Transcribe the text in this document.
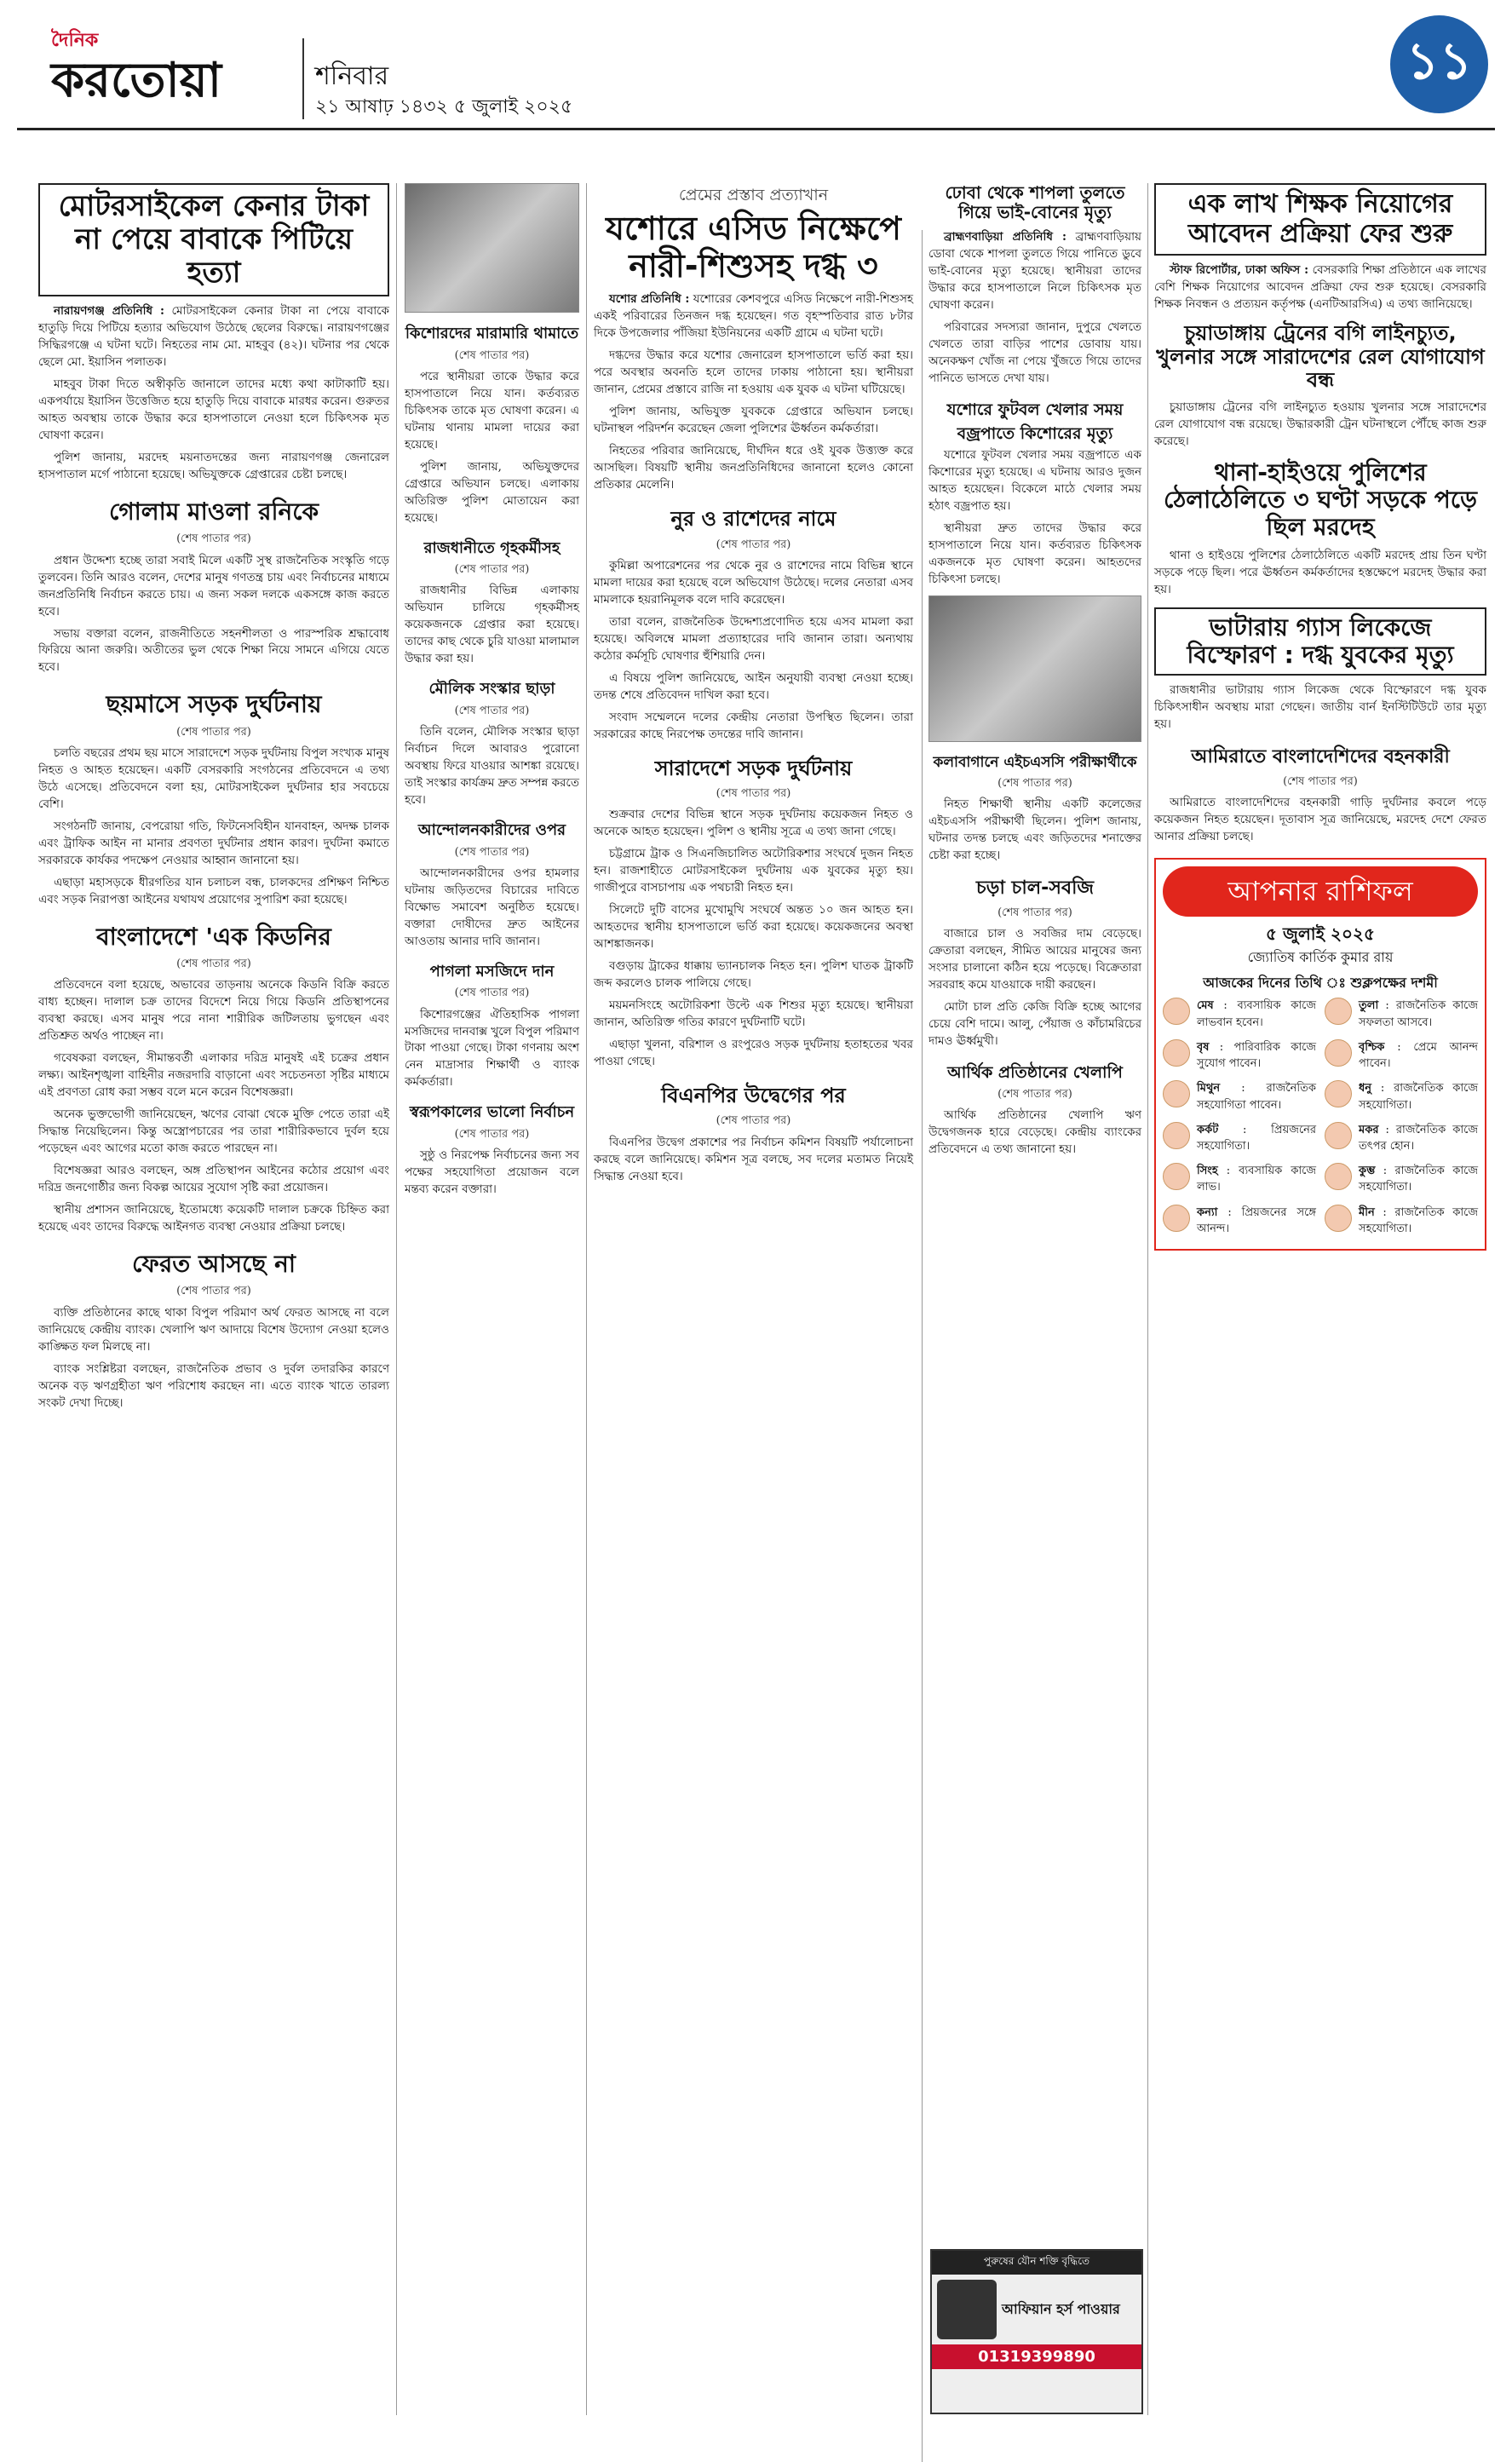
দৈনিক
করতোয়া	শনিবার
২১ আষাঢ় ১৪৩২ ৫ জুলাই ২০২৫
১১
মোটরসাইকেল কেনার টাকা না পেয়ে বাবাকে পিটিয়ে হত্যা

নারায়ণগঞ্জ প্রতিনিধি : মোটরসাইকেল কেনার টাকা না পেয়ে বাবাকে হাতুড়ি দিয়ে পিটিয়ে হত্যার অভিযোগ উঠেছে ছেলের বিরুদ্ধে। নারায়ণগঞ্জের সিদ্ধিরগঞ্জে এ ঘটনা ঘটে। নিহতের নাম মো. মাহবুব (৪২)। ঘটনার পর থেকে ছেলে মো. ইয়াসিন পলাতক।

মাহবুব টাকা দিতে অস্বীকৃতি জানালে তাদের মধ্যে কথা কাটাকাটি হয়। একপর্যায়ে ইয়াসিন উত্তেজিত হয়ে হাতুড়ি দিয়ে বাবাকে মারধর করেন। গুরুতর আহত অবস্থায় তাকে উদ্ধার করে হাসপাতালে নেওয়া হলে চিকিৎসক মৃত ঘোষণা করেন।

পুলিশ জানায়, মরদেহ ময়নাতদন্তের জন্য নারায়ণগঞ্জ জেনারেল হাসপাতাল মর্গে পাঠানো হয়েছে। অভিযুক্তকে গ্রেপ্তারের চেষ্টা চলছে।

গোলাম মাওলা রনিকে
(শেষ পাতার পর)

প্রধান উদ্দেশ্য হচ্ছে তারা সবাই মিলে একটি সুস্থ রাজনৈতিক সংস্কৃতি গড়ে তুলবেন। তিনি আরও বলেন, দেশের মানুষ গণতন্ত্র চায় এবং নির্বাচনের মাধ্যমে জনপ্রতিনিধি নির্বাচন করতে চায়। এ জন্য সকল দলকে একসঙ্গে কাজ করতে হবে।

সভায় বক্তারা বলেন, রাজনীতিতে সহনশীলতা ও পারস্পরিক শ্রদ্ধাবোধ ফিরিয়ে আনা জরুরি। অতীতের ভুল থেকে শিক্ষা নিয়ে সামনে এগিয়ে যেতে হবে।

ছয়মাসে সড়ক দুর্ঘটনায়
(শেষ পাতার পর)

চলতি বছরের প্রথম ছয় মাসে সারাদেশে সড়ক দুর্ঘটনায় বিপুল সংখ্যক মানুষ নিহত ও আহত হয়েছেন। একটি বেসরকারি সংগঠনের প্রতিবেদনে এ তথ্য উঠে এসেছে। প্রতিবেদনে বলা হয়, মোটরসাইকেল দুর্ঘটনার হার সবচেয়ে বেশি।

সংগঠনটি জানায়, বেপরোয়া গতি, ফিটনেসবিহীন যানবাহন, অদক্ষ চালক এবং ট্রাফিক আইন না মানার প্রবণতা দুর্ঘটনার প্রধান কারণ। দুর্ঘটনা কমাতে সরকারকে কার্যকর পদক্ষেপ নেওয়ার আহ্বান জানানো হয়।

এছাড়া মহাসড়কে ধীরগতির যান চলাচল বন্ধ, চালকদের প্রশিক্ষণ নিশ্চিত এবং সড়ক নিরাপত্তা আইনের যথাযথ প্রয়োগের সুপারিশ করা হয়েছে।

বাংলাদেশে 'এক কিডনির
(শেষ পাতার পর)

প্রতিবেদনে বলা হয়েছে, অভাবের তাড়নায় অনেকে কিডনি বিক্রি করতে বাধ্য হচ্ছেন। দালাল চক্র তাদের বিদেশে নিয়ে গিয়ে কিডনি প্রতিস্থাপনের ব্যবস্থা করছে। এসব মানুষ পরে নানা শারীরিক জটিলতায় ভুগছেন এবং প্রতিশ্রুত অর্থও পাচ্ছেন না।

গবেষকরা বলছেন, সীমান্তবর্তী এলাকার দরিদ্র মানুষই এই চক্রের প্রধান লক্ষ্য। আইনশৃঙ্খলা বাহিনীর নজরদারি বাড়ানো এবং সচেতনতা সৃষ্টির মাধ্যমে এই প্রবণতা রোধ করা সম্ভব বলে মনে করেন বিশেষজ্ঞরা।

অনেক ভুক্তভোগী জানিয়েছেন, ঋণের বোঝা থেকে মুক্তি পেতে তারা এই সিদ্ধান্ত নিয়েছিলেন। কিন্তু অস্ত্রোপচারের পর তারা শারীরিকভাবে দুর্বল হয়ে পড়েছেন এবং আগের মতো কাজ করতে পারছেন না।

বিশেষজ্ঞরা আরও বলছেন, অঙ্গ প্রতিস্থাপন আইনের কঠোর প্রয়োগ এবং দরিদ্র জনগোষ্ঠীর জন্য বিকল্প আয়ের সুযোগ সৃষ্টি করা প্রয়োজন।

স্থানীয় প্রশাসন জানিয়েছে, ইতোমধ্যে কয়েকটি দালাল চক্রকে চিহ্নিত করা হয়েছে এবং তাদের বিরুদ্ধে আইনগত ব্যবস্থা নেওয়ার প্রক্রিয়া চলছে।

ফেরত আসছে না
(শেষ পাতার পর)

ব্যক্তি প্রতিষ্ঠানের কাছে থাকা বিপুল পরিমাণ অর্থ ফেরত আসছে না বলে জানিয়েছে কেন্দ্রীয় ব্যাংক। খেলাপি ঋণ আদায়ে বিশেষ উদ্যোগ নেওয়া হলেও কাঙ্ক্ষিত ফল মিলছে না।

ব্যাংক সংশ্লিষ্টরা বলছেন, রাজনৈতিক প্রভাব ও দুর্বল তদারকির কারণে অনেক বড় ঋণগ্রহীতা ঋণ পরিশোধ করছেন না। এতে ব্যাংক খাতে তারল্য সংকট দেখা দিচ্ছে।

কিশোরদের মারামারি থামাতে
(শেষ পাতার পর)

পরে স্থানীয়রা তাকে উদ্ধার করে হাসপাতালে নিয়ে যান। কর্তব্যরত চিকিৎসক তাকে মৃত ঘোষণা করেন। এ ঘটনায় থানায় মামলা দায়ের করা হয়েছে।

পুলিশ জানায়, অভিযুক্তদের গ্রেপ্তারে অভিযান চলছে। এলাকায় অতিরিক্ত পুলিশ মোতায়েন করা হয়েছে।

রাজধানীতে গৃহকর্মীসহ
(শেষ পাতার পর)

রাজধানীর বিভিন্ন এলাকায় অভিযান চালিয়ে গৃহকর্মীসহ কয়েকজনকে গ্রেপ্তার করা হয়েছে। তাদের কাছ থেকে চুরি যাওয়া মালামাল উদ্ধার করা হয়।

মৌলিক সংস্কার ছাড়া
(শেষ পাতার পর)

তিনি বলেন, মৌলিক সংস্কার ছাড়া নির্বাচন দিলে আবারও পুরোনো অবস্থায় ফিরে যাওয়ার আশঙ্কা রয়েছে। তাই সংস্কার কার্যক্রম দ্রুত সম্পন্ন করতে হবে।

আন্দোলনকারীদের ওপর
(শেষ পাতার পর)

আন্দোলনকারীদের ওপর হামলার ঘটনায় জড়িতদের বিচারের দাবিতে বিক্ষোভ সমাবেশ অনুষ্ঠিত হয়েছে। বক্তারা দোষীদের দ্রুত আইনের আওতায় আনার দাবি জানান।

পাগলা মসজিদে দান
(শেষ পাতার পর)

কিশোরগঞ্জের ঐতিহাসিক পাগলা মসজিদের দানবাক্স খুলে বিপুল পরিমাণ টাকা পাওয়া গেছে। টাকা গণনায় অংশ নেন মাদ্রাসার শিক্ষার্থী ও ব্যাংক কর্মকর্তারা।

স্বরূপকালের ভালো নির্বাচন
(শেষ পাতার পর)

সুষ্ঠু ও নিরপেক্ষ নির্বাচনের জন্য সব পক্ষের সহযোগিতা প্রয়োজন বলে মন্তব্য করেন বক্তারা।

প্রেমের প্রস্তাব প্রত্যাখান
যশোরে এসিড নিক্ষেপে নারী-শিশুসহ দগ্ধ ৩

যশোর প্রতিনিধি : যশোরের কেশবপুরে এসিড নিক্ষেপে নারী-শিশুসহ একই পরিবারের তিনজন দগ্ধ হয়েছেন। গত বৃহস্পতিবার রাত ৮টার দিকে উপজেলার পাঁজিয়া ইউনিয়নের একটি গ্রামে এ ঘটনা ঘটে।

দগ্ধদের উদ্ধার করে যশোর জেনারেল হাসপাতালে ভর্তি করা হয়। পরে অবস্থার অবনতি হলে তাদের ঢাকায় পাঠানো হয়। স্থানীয়রা জানান, প্রেমের প্রস্তাবে রাজি না হওয়ায় এক যুবক এ ঘটনা ঘটিয়েছে।

পুলিশ জানায়, অভিযুক্ত যুবককে গ্রেপ্তারে অভিযান চলছে। ঘটনাস্থল পরিদর্শন করেছেন জেলা পুলিশের ঊর্ধ্বতন কর্মকর্তারা।

নিহতের পরিবার জানিয়েছে, দীর্ঘদিন ধরে ওই যুবক উত্ত্যক্ত করে আসছিল। বিষয়টি স্থানীয় জনপ্রতিনিধিদের জানানো হলেও কোনো প্রতিকার মেলেনি।

নুর ও রাশেদের নামে
(শেষ পাতার পর)

কুমিল্লা অপারেশনের পর থেকে নুর ও রাশেদের নামে বিভিন্ন স্থানে মামলা দায়ের করা হয়েছে বলে অভিযোগ উঠেছে। দলের নেতারা এসব মামলাকে হয়রানিমূলক বলে দাবি করেছেন।

তারা বলেন, রাজনৈতিক উদ্দেশ্যপ্রণোদিত হয়ে এসব মামলা করা হয়েছে। অবিলম্বে মামলা প্রত্যাহারের দাবি জানান তারা। অন্যথায় কঠোর কর্মসূচি ঘোষণার হুঁশিয়ারি দেন।

এ বিষয়ে পুলিশ জানিয়েছে, আইন অনুযায়ী ব্যবস্থা নেওয়া হচ্ছে। তদন্ত শেষে প্রতিবেদন দাখিল করা হবে।

সংবাদ সম্মেলনে দলের কেন্দ্রীয় নেতারা উপস্থিত ছিলেন। তারা সরকারের কাছে নিরপেক্ষ তদন্তের দাবি জানান।

সারাদেশে সড়ক দুর্ঘটনায়
(শেষ পাতার পর)

শুক্রবার দেশের বিভিন্ন স্থানে সড়ক দুর্ঘটনায় কয়েকজন নিহত ও অনেকে আহত হয়েছেন। পুলিশ ও স্থানীয় সূত্রে এ তথ্য জানা গেছে।

চট্টগ্রামে ট্রাক ও সিএনজিচালিত অটোরিকশার সংঘর্ষে দুজন নিহত হন। রাজশাহীতে মোটরসাইকেল দুর্ঘটনায় এক যুবকের মৃত্যু হয়। গাজীপুরে বাসচাপায় এক পথচারী নিহত হন।

সিলেটে দুটি বাসের মুখোমুখি সংঘর্ষে অন্তত ১০ জন আহত হন। আহতদের স্থানীয় হাসপাতালে ভর্তি করা হয়েছে। কয়েকজনের অবস্থা আশঙ্কাজনক।

বগুড়ায় ট্রাকের ধাক্কায় ভ্যানচালক নিহত হন। পুলিশ ঘাতক ট্রাকটি জব্দ করলেও চালক পালিয়ে গেছে।

ময়মনসিংহে অটোরিকশা উল্টে এক শিশুর মৃত্যু হয়েছে। স্থানীয়রা জানান, অতিরিক্ত গতির কারণে দুর্ঘটনাটি ঘটে।

এছাড়া খুলনা, বরিশাল ও রংপুরেও সড়ক দুর্ঘটনায় হতাহতের খবর পাওয়া গেছে।

বিএনপির উদ্বেগের পর
(শেষ পাতার পর)

বিএনপির উদ্বেগ প্রকাশের পর নির্বাচন কমিশন বিষয়টি পর্যালোচনা করছে বলে জানিয়েছে। কমিশন সূত্র বলছে, সব দলের মতামত নিয়েই সিদ্ধান্ত নেওয়া হবে।

ঢোবা থেকে শাপলা তুলতে গিয়ে ভাই-বোনের মৃত্যু

ব্রাহ্মণবাড়িয়া প্রতিনিধি : ব্রাহ্মণবাড়িয়ায় ডোবা থেকে শাপলা তুলতে গিয়ে পানিতে ডুবে ভাই-বোনের মৃত্যু হয়েছে। স্থানীয়রা তাদের উদ্ধার করে হাসপাতালে নিলে চিকিৎসক মৃত ঘোষণা করেন।

পরিবারের সদস্যরা জানান, দুপুরে খেলতে খেলতে তারা বাড়ির পাশের ডোবায় যায়। অনেকক্ষণ খোঁজ না পেয়ে খুঁজতে গিয়ে তাদের পানিতে ভাসতে দেখা যায়।

যশোরে ফুটবল খেলার সময় বজ্রপাতে কিশোরের মৃত্যু

যশোরে ফুটবল খেলার সময় বজ্রপাতে এক কিশোরের মৃত্যু হয়েছে। এ ঘটনায় আরও দুজন আহত হয়েছেন। বিকেলে মাঠে খেলার সময় হঠাৎ বজ্রপাত হয়।

স্থানীয়রা দ্রুত তাদের উদ্ধার করে হাসপাতালে নিয়ে যান। কর্তব্যরত চিকিৎসক একজনকে মৃত ঘোষণা করেন। আহতদের চিকিৎসা চলছে।

কলাবাগানে এইচএসসি পরীক্ষার্থীকে
(শেষ পাতার পর)

নিহত শিক্ষার্থী স্থানীয় একটি কলেজের এইচএসসি পরীক্ষার্থী ছিলেন। পুলিশ জানায়, ঘটনার তদন্ত চলছে এবং জড়িতদের শনাক্তের চেষ্টা করা হচ্ছে।

চড়া চাল-সবজি
(শেষ পাতার পর)

বাজারে চাল ও সবজির দাম বেড়েছে। ক্রেতারা বলছেন, সীমিত আয়ের মানুষের জন্য সংসার চালানো কঠিন হয়ে পড়েছে। বিক্রেতারা সরবরাহ কমে যাওয়াকে দায়ী করছেন।

মোটা চাল প্রতি কেজি বিক্রি হচ্ছে আগের চেয়ে বেশি দামে। আলু, পেঁয়াজ ও কাঁচামরিচের দামও ঊর্ধ্বমুখী।

আর্থিক প্রতিষ্ঠানের খেলাপি
(শেষ পাতার পর)

আর্থিক প্রতিষ্ঠানের খেলাপি ঋণ উদ্বেগজনক হারে বেড়েছে। কেন্দ্রীয় ব্যাংকের প্রতিবেদনে এ তথ্য জানানো হয়।

এক লাখ শিক্ষক নিয়োগের আবেদন প্রক্রিয়া ফের শুরু

স্টাফ রিপোর্টার, ঢাকা অফিস : বেসরকারি শিক্ষা প্রতিষ্ঠানে এক লাখের বেশি শিক্ষক নিয়োগের আবেদন প্রক্রিয়া ফের শুরু হয়েছে। বেসরকারি শিক্ষক নিবন্ধন ও প্রত্যয়ন কর্তৃপক্ষ (এনটিআরসিএ) এ তথ্য জানিয়েছে।

চুয়াডাঙ্গায় ট্রেনের বগি লাইনচ্যুত, খুলনার সঙ্গে সারাদেশের রেল যোগাযোগ বন্ধ

চুয়াডাঙ্গায় ট্রেনের বগি লাইনচ্যুত হওয়ায় খুলনার সঙ্গে সারাদেশের রেল যোগাযোগ বন্ধ রয়েছে। উদ্ধারকারী ট্রেন ঘটনাস্থলে পৌঁছে কাজ শুরু করেছে।

থানা-হাইওয়ে পুলিশের ঠেলাঠেলিতে ৩ ঘণ্টা সড়কে পড়ে ছিল মরদেহ

থানা ও হাইওয়ে পুলিশের ঠেলাঠেলিতে একটি মরদেহ প্রায় তিন ঘণ্টা সড়কে পড়ে ছিল। পরে ঊর্ধ্বতন কর্মকর্তাদের হস্তক্ষেপে মরদেহ উদ্ধার করা হয়।

ভাটারায় গ্যাস লিকেজে বিস্ফোরণ : দগ্ধ যুবকের মৃত্যু

রাজধানীর ভাটারায় গ্যাস লিকেজ থেকে বিস্ফোরণে দগ্ধ যুবক চিকিৎসাধীন অবস্থায় মারা গেছেন। জাতীয় বার্ন ইনস্টিটিউটে তার মৃত্যু হয়।

আমিরাতে বাংলাদেশিদের বহনকারী
(শেষ পাতার পর)

আমিরাতে বাংলাদেশিদের বহনকারী গাড়ি দুর্ঘটনার কবলে পড়ে কয়েকজন নিহত হয়েছেন। দূতাবাস সূত্র জানিয়েছে, মরদেহ দেশে ফেরত আনার প্রক্রিয়া চলছে।

আপনার রাশিফল
৫ জুলাই ২০২৫
জ্যোতিষ কার্তিক কুমার রায়
আজকের দিনের তিথি ঃ শুক্লপক্ষের দশমী
মেষ : ব্যবসায়িক কাজে লাভবান হবেন।
তুলা : রাজনৈতিক কাজে সফলতা আসবে।
বৃষ : পারিবারিক কাজে সুযোগ পাবেন।
বৃশ্চিক : প্রেমে আনন্দ পাবেন।
মিথুন : রাজনৈতিক সহযোগিতা পাবেন।
ধনু : রাজনৈতিক কাজে সহযোগিতা।
কর্কট : প্রিয়জনের সহযোগিতা।
মকর : রাজনৈতিক কাজে তৎপর হোন।
সিংহ : ব্যবসায়িক কাজে লাভ।
কুম্ভ : রাজনৈতিক কাজে সহযোগিতা।
কন্যা : প্রিয়জনের সঙ্গে আনন্দ।
মীন : রাজনৈতিক কাজে সহযোগিতা।
পুরুষের যৌন শক্তি বৃদ্ধিতে
আফিয়ান হর্স পাওয়ার
01319399890
